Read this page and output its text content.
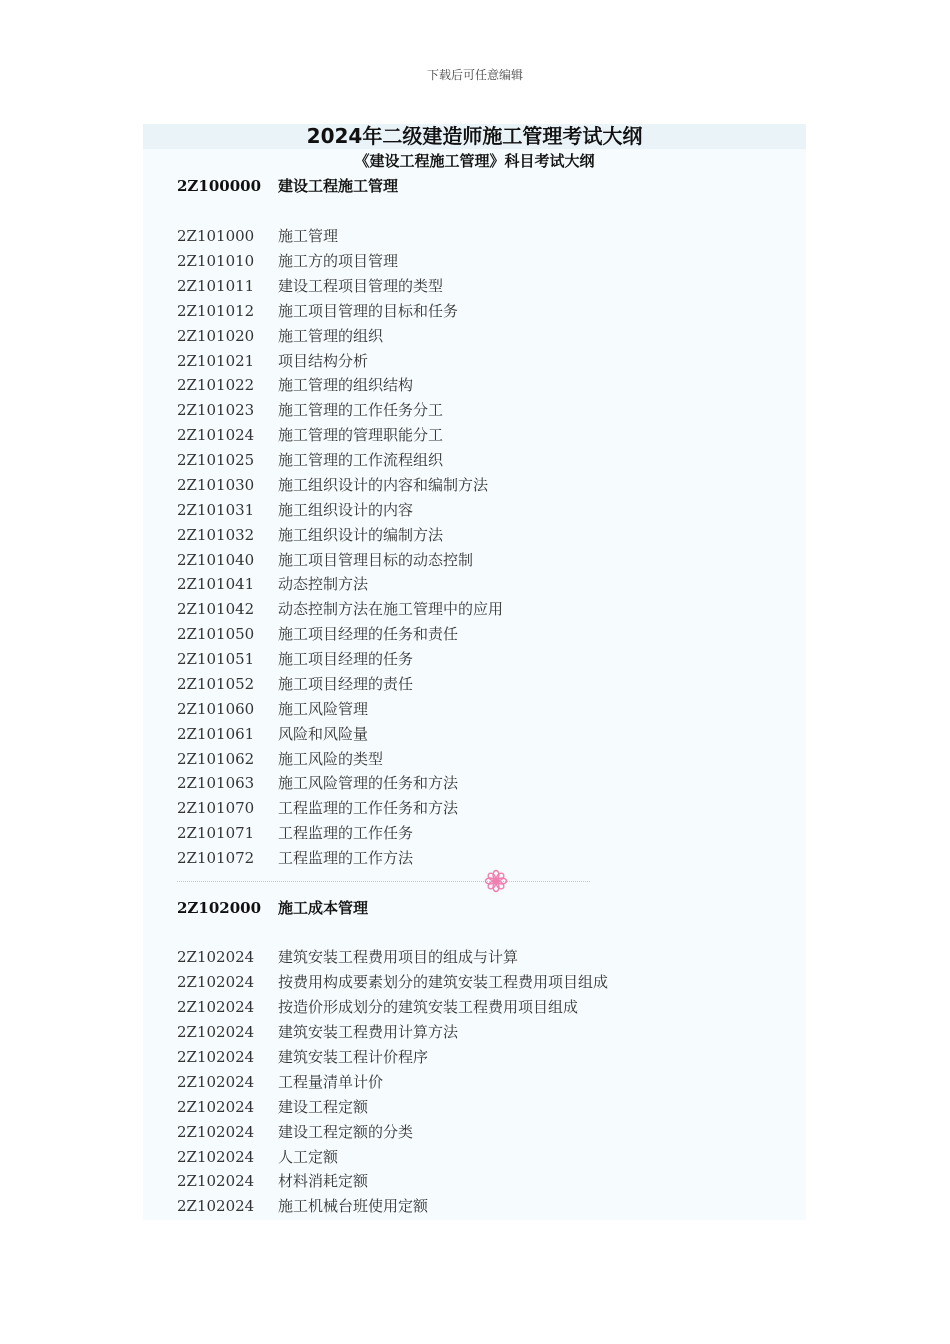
下载后可任意编辑
2024年二级建造师施工管理考试大纲
《建设工程施工管理》科目考试大纲
2Z100000 建设工程施工管理
2Z101000 施工管理
2Z101010 施工方的项目管理
2Z101011 建设工程项目管理的类型
2Z101012 施工项目管理的目标和任务
2Z101020 施工管理的组织
2Z101021 项目结构分析
2Z101022 施工管理的组织结构
2Z101023 施工管理的工作任务分工
2Z101024 施工管理的管理职能分工
2Z101025 施工管理的工作流程组织
2Z101030 施工组织设计的内容和编制方法
2Z101031 施工组织设计的内容
2Z101032 施工组织设计的编制方法
2Z101040 施工项目管理目标的动态控制
2Z101041 动态控制方法
2Z101042 动态控制方法在施工管理中的应用
2Z101050 施工项目经理的任务和责任
2Z101051 施工项目经理的任务
2Z101052 施工项目经理的责任
2Z101060 施工风险管理
2Z101061 风险和风险量
2Z101062 施工风险的类型
2Z101063 施工风险管理的任务和方法
2Z101070 工程监理的工作任务和方法
2Z101071 工程监理的工作任务
2Z101072 工程监理的工作方法
2Z102000 施工成本管理
2Z102024 建筑安装工程费用项目的组成与计算
2Z102024 按费用构成要素划分的建筑安装工程费用项目组成
2Z102024 按造价形成划分的建筑安装工程费用项目组成
2Z102024 建筑安装工程费用计算方法
2Z102024 建筑安装工程计价程序
2Z102024 工程量清单计价
2Z102024 建设工程定额
2Z102024 建设工程定额的分类
2Z102024 人工定额
2Z102024 材料消耗定额
2Z102024 施工机械台班使用定额
